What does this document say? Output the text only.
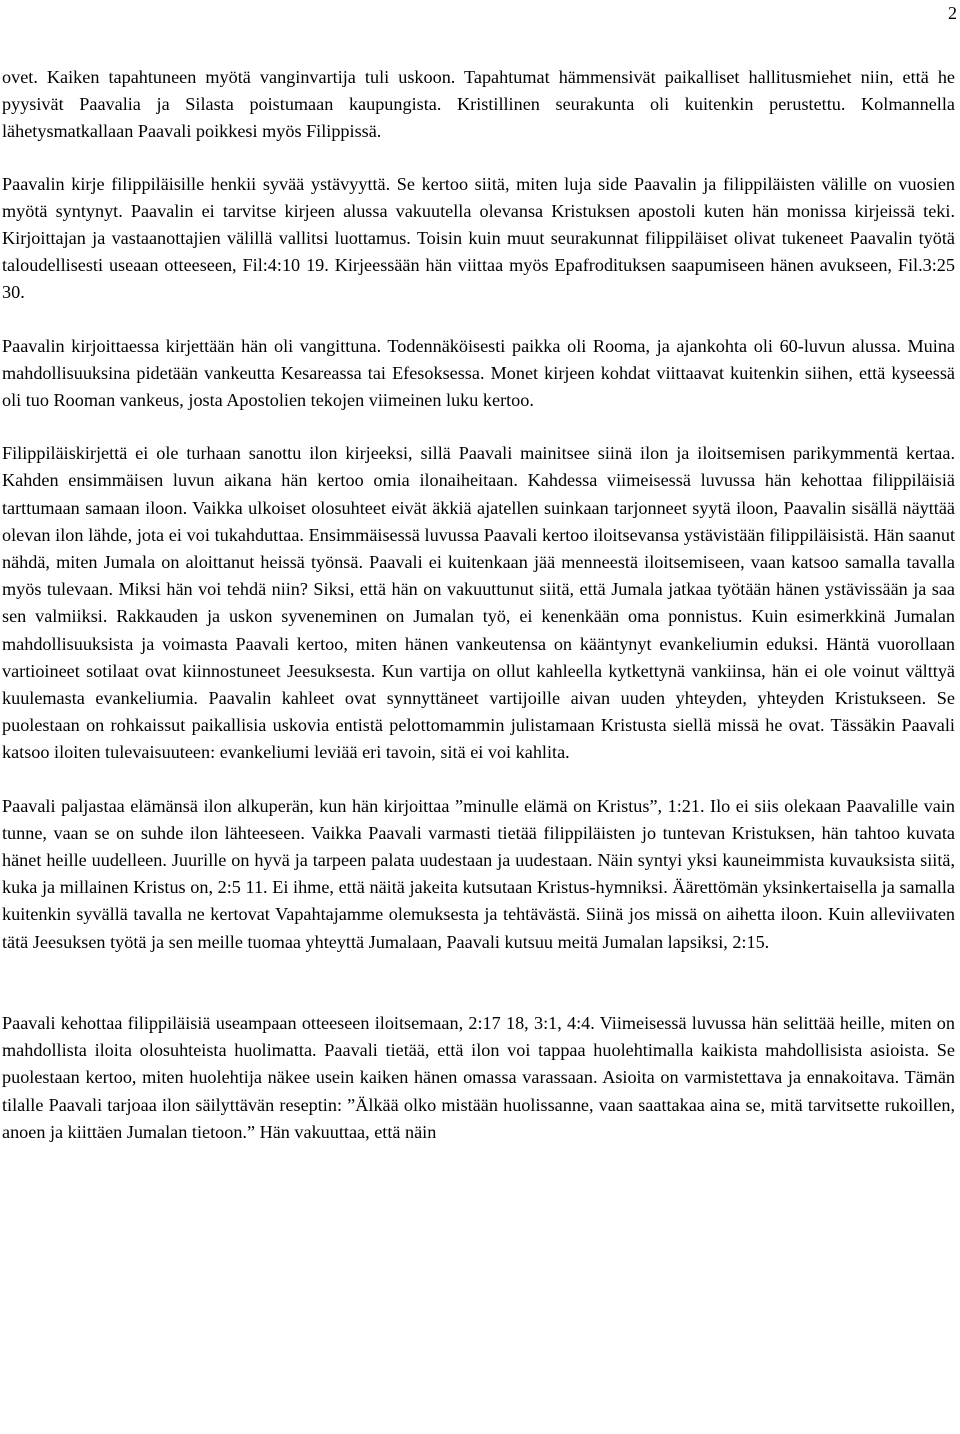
2

ovet. Kaiken tapahtuneen myötä vanginvartija tuli uskoon. Tapahtumat hämmensivät paikalliset hallitusmiehet niin, että he pyysivät Paavalia ja Silasta poistumaan kaupungista. Kristillinen seurakunta oli kuitenkin perustettu. Kolmannella lähetysmatkallaan Paavali poikkesi myös Filippissä.

Paavalin kirje filippiläisille henkii syvää ystävyyttä. Se kertoo siitä, miten luja side Paavalin ja filippiläisten välille on vuosien myötä syntynyt. Paavalin ei tarvitse kirjeen alussa vakuutella olevansa Kristuksen apostoli kuten hän monissa kirjeissä teki. Kirjoittajan ja vastaanottajien välillä vallitsi luottamus. Toisin kuin muut seurakunnat filippiläiset olivat tukeneet Paavalin työtä taloudellisesti useaan otteeseen, Fil:4:10 19. Kirjeessään hän viittaa myös Epafrodituksen saapumiseen hänen avukseen, Fil.3:25 30.

Paavalin kirjoittaessa kirjettään hän oli vangittuna. Todennäköisesti paikka oli Rooma, ja ajankohta oli 60-luvun alussa. Muina mahdollisuuksina pidetään vankeutta Kesareassa tai Efesoksessa. Monet kirjeen kohdat viittaavat kuitenkin siihen, että kyseessä oli tuo Rooman vankeus, josta Apostolien tekojen viimeinen luku kertoo.

Filippiläiskirjettä ei ole turhaan sanottu ilon kirjeeksi, sillä Paavali mainitsee siinä ilon ja iloitsemisen parikymmentä kertaa. Kahden ensimmäisen luvun aikana hän kertoo omia ilonaiheitaan. Kahdessa viimeisessä luvussa hän kehottaa filippiläisiä tarttumaan samaan iloon. Vaikka ulkoiset olosuhteet eivät äkkiä ajatellen suinkaan tarjonneet syytä iloon, Paavalin sisällä näyttää olevan ilon lähde, jota ei voi tukahduttaa. Ensimmäisessä luvussa Paavali kertoo iloitsevansa ystävistään filippiläisistä. Hän saanut nähdä, miten Jumala on aloittanut heissä työnsä. Paavali ei kuitenkaan jää menneestä iloitsemiseen, vaan katsoo samalla tavalla myös tulevaan. Miksi hän voi tehdä niin? Siksi, että hän on vakuuttunut siitä, että Jumala jatkaa työtään hänen ystävissään ja saa sen valmiiksi. Rakkauden ja uskon syveneminen on Jumalan työ, ei kenenkään oma ponnistus. Kuin esimerkkinä Jumalan mahdollisuuksista ja voimasta Paavali kertoo, miten hänen vankeutensa on kääntynyt evankeliumin eduksi. Häntä vuorollaan vartioineet sotilaat ovat kiinnostuneet Jeesuksesta. Kun vartija on ollut kahleella kytkettynä vankiinsa, hän ei ole voinut välttyä kuulemasta evankeliumia. Paavalin kahleet ovat synnyttäneet vartijoille aivan uuden yhteyden, yhteyden Kristukseen. Se puolestaan on rohkaissut paikallisia uskovia entistä pelottomammin julistamaan Kristusta siellä missä he ovat. Tässäkin Paavali katsoo iloiten tulevaisuuteen: evankeliumi leviää eri tavoin, sitä ei voi kahlita.

Paavali paljastaa elämänsä ilon alkuperän, kun hän kirjoittaa ”minulle elämä on Kristus”, 1:21. Ilo ei siis olekaan Paavalille vain tunne, vaan se on suhde ilon lähteeseen. Vaikka Paavali varmasti tietää filippiläisten jo tuntevan Kristuksen, hän tahtoo kuvata hänet heille uudelleen. Juurille on hyvä ja tarpeen palata uudestaan ja uudestaan. Näin syntyi yksi kauneimmista kuvauksista siitä, kuka ja millainen Kristus on, 2:5 11. Ei ihme, että näitä jakeita kutsutaan Kristus-hymniksi. Äärettömän yksinkertaisella ja samalla kuitenkin syvällä tavalla ne kertovat Vapahtajamme olemuksesta ja tehtävästä. Siinä jos missä on aihetta iloon. Kuin alleviivaten tätä Jeesuksen työtä ja sen meille tuomaa yhteyttä Jumalaan, Paavali kutsuu meitä Jumalan lapsiksi, 2:15.

Paavali kehottaa filippiläisiä useampaan otteeseen iloitsemaan, 2:17 18, 3:1, 4:4. Viimeisessä luvussa hän selittää heille, miten on mahdollista iloita olosuhteista huolimatta. Paavali tietää, että ilon voi tappaa huolehtimalla kaikista mahdollisista asioista. Se puolestaan kertoo, miten huolehtija näkee usein kaiken hänen omassa varassaan. Asioita on varmistettava ja ennakoitava. Tämän tilalle Paavali tarjoaa ilon säilyttävän reseptin: ”Älkää olko mistään huolissanne, vaan saattakaa aina se, mitä tarvitsette rukoillen, anoen ja kiittäen Jumalan tietoon.” Hän vakuuttaa, että näin
